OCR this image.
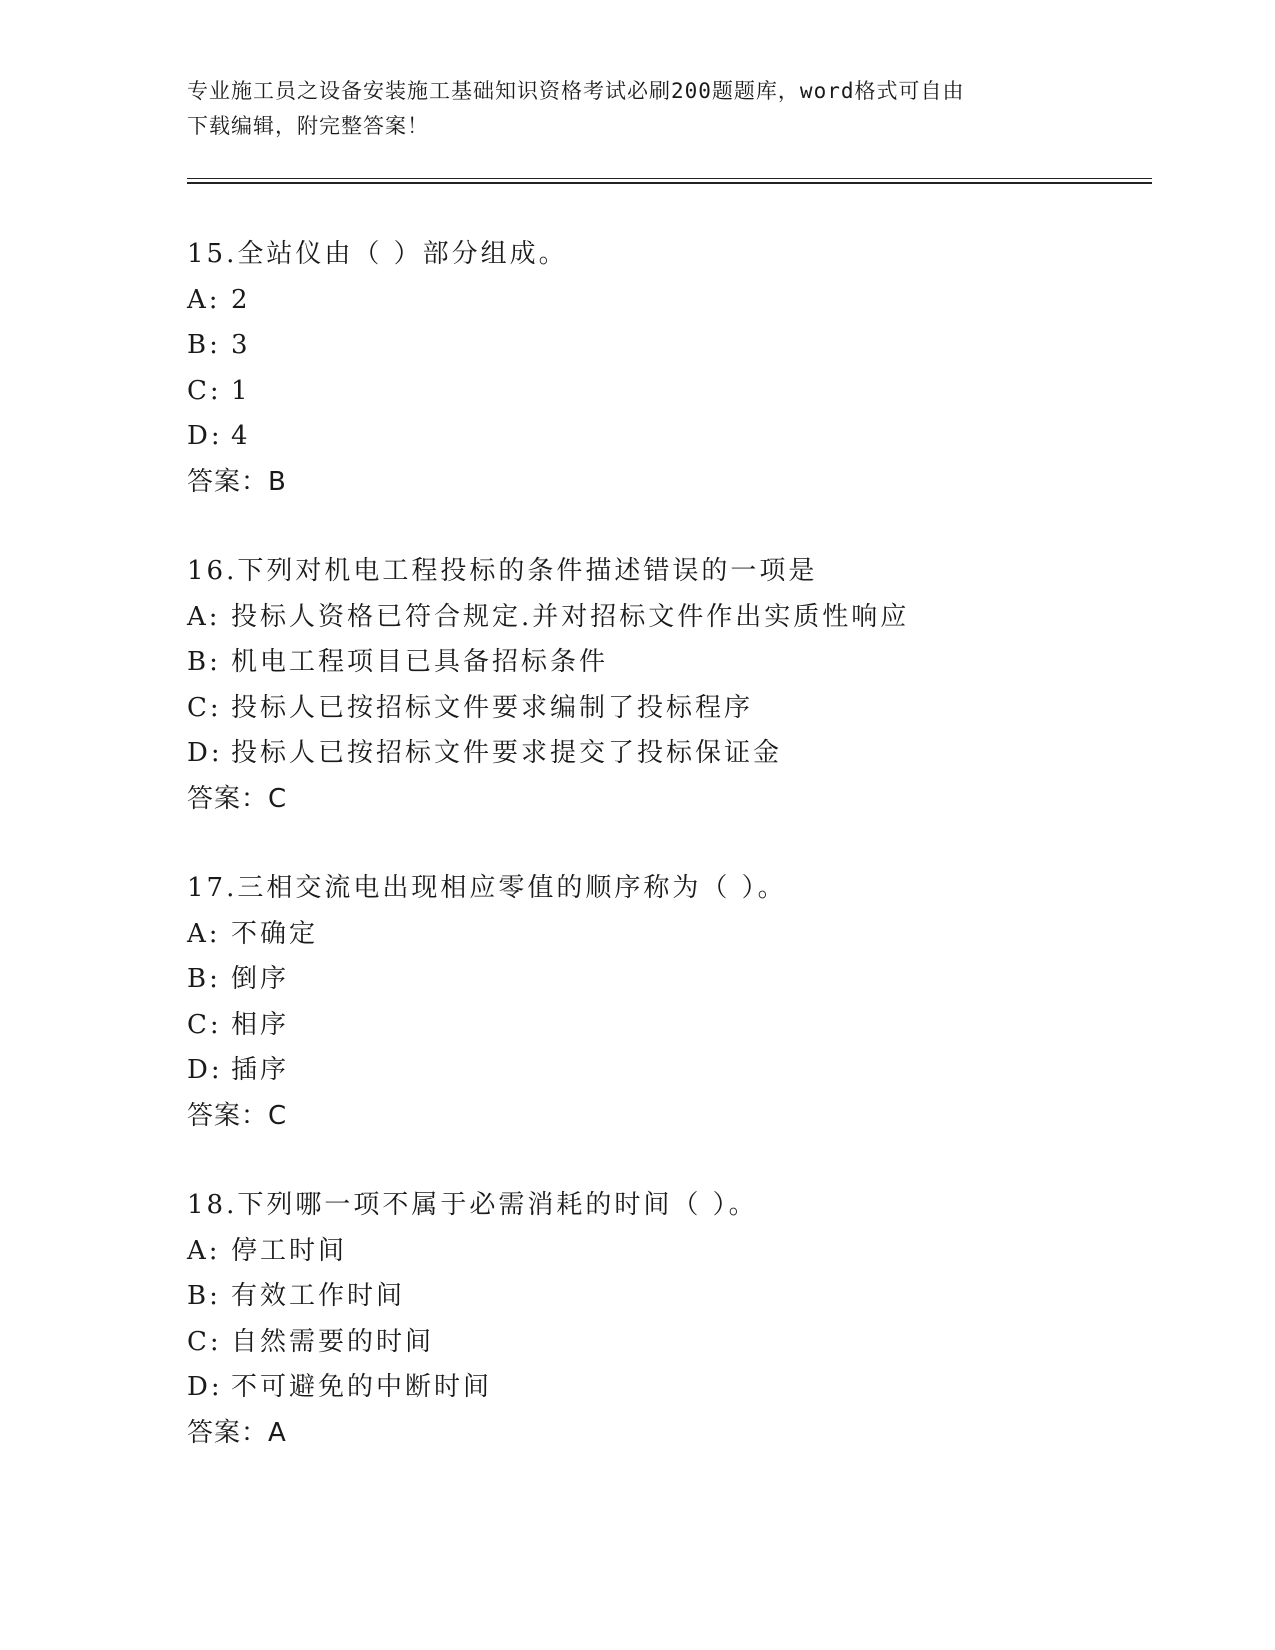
专业施工员之设备安装施工基础知识资格考试必刷200题题库，word格式可自由
下载编辑，附完整答案！
15.全站仪由（ ）部分组成。
A: 2
B: 3
C: 1
D: 4
答案：B
16.下列对机电工程投标的条件描述错误的一项是
A: 投标人资格已符合规定.并对招标文件作出实质性响应
B: 机电工程项目已具备招标条件
C: 投标人已按招标文件要求编制了投标程序
D: 投标人已按招标文件要求提交了投标保证金
答案：C
17.三相交流电出现相应零值的顺序称为（ ）。
A: 不确定
B: 倒序
C: 相序
D: 插序
答案：C
18.下列哪一项不属于必需消耗的时间（ ）。
A: 停工时间
B: 有效工作时间
C: 自然需要的时间
D: 不可避免的中断时间
答案：A
